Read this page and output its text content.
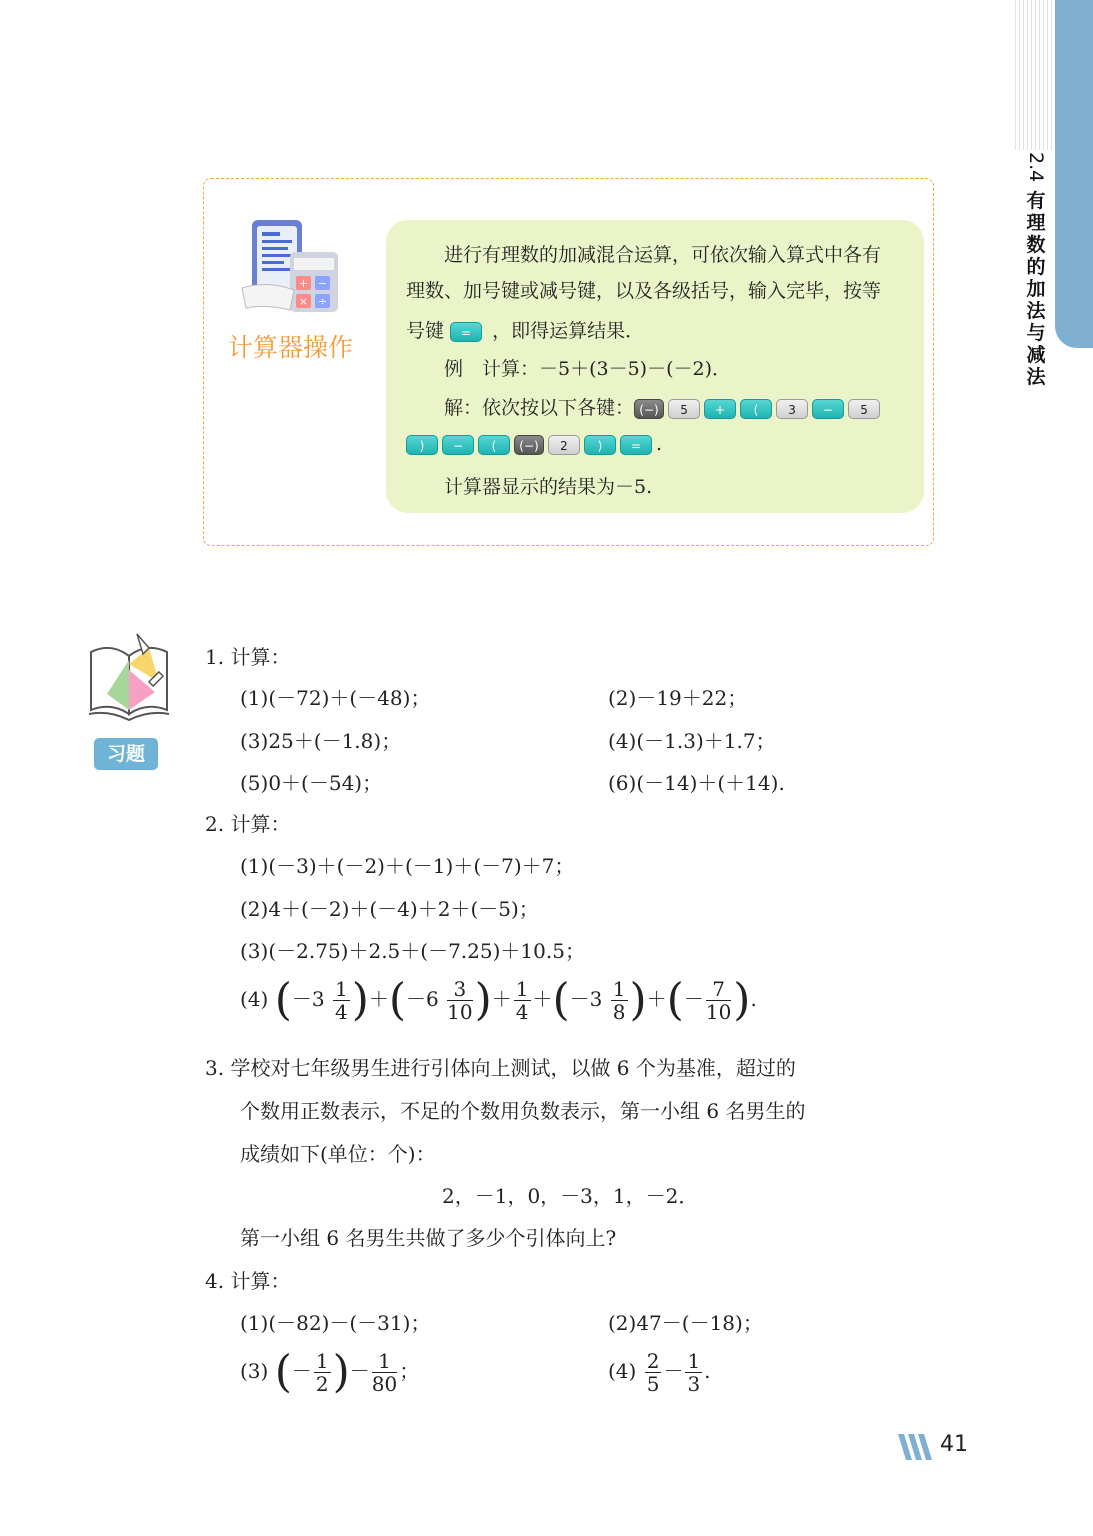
2.4
有
理
数
的
加
法
与
减
法
+ −
× ÷
计算器操作
进行有理数的加减混合运算，可依次输入算式中各有
理数、加号键或减号键，以及各级括号，输入完毕，按等
号键 = ，即得运算结果．
例　计算：－5＋(3－5)－(－2)．
解：依次按以下各键： (−) 5 + ( 3 − 5
) − ( (−) 2 ) = .
计算器显示的结果为－5.
习题
1. 计算：
(1)(－72)＋(－48)；	(2)－19＋22；
(3)25＋(－1.8)；	(4)(－1.3)＋1.7；
(5)0＋(－54)；	(6)(－14)＋(＋14).
2. 计算：
(1)(－3)＋(－2)＋(－1)＋(－7)＋7；
(2)4＋(－2)＋(－4)＋2＋(－5)；
(3)(－2.75)＋2.5＋(－7.25)＋10.5；
(4) $(-3 \frac{1}{4} )+(-6 \frac{3}{10}$ )＋ $\frac{1}{4} +(-3 \frac{1}{8}$ )＋(－ $\frac{7}{10}$ ).
3. 学校对七年级男生进行引体向上测试，以做 6 个为基准，超过的
个数用正数表示，不足的个数用负数表示，第一小组 6 名男生的
成绩如下(单位：个)：
2，－1，0，－3，1，－2．
第一小组 6 名男生共做了多少个引体向上?
4. 计算：
(1)(－82)－(－31)；	(2)47－(－18)；
(3) (－ $\frac{1}{2}$ )－ $\frac{1}{80}$ ；	$(4) \frac{2}{5} - \frac{1}{3}$ .
41
